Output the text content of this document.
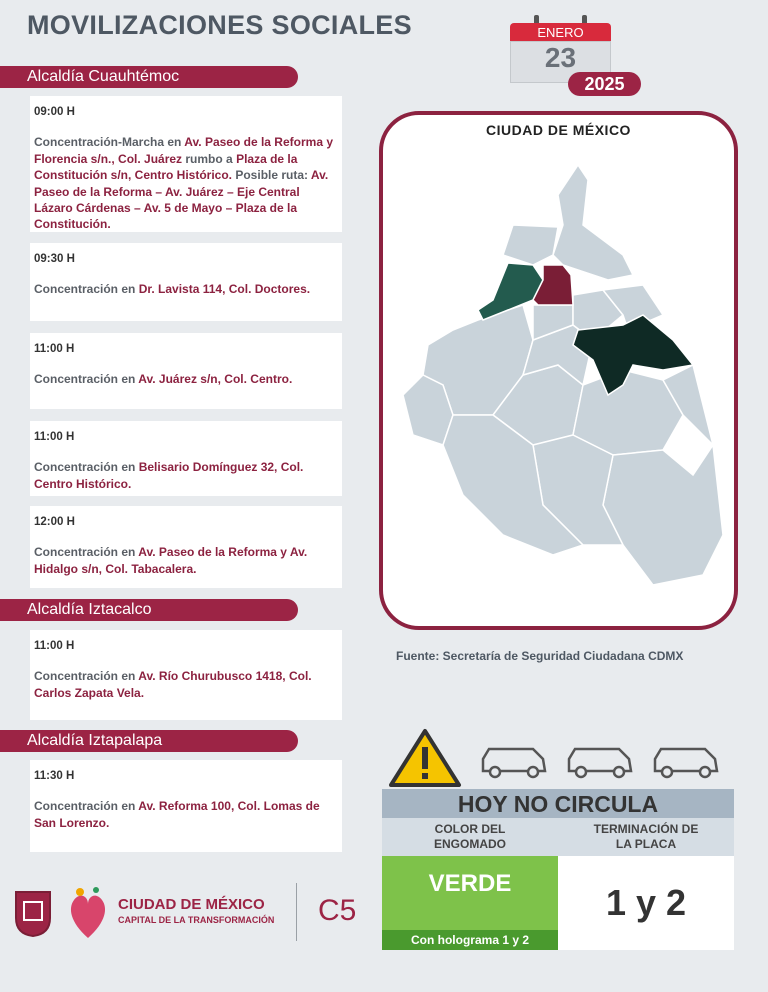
MOVILIZACIONES SOCIALES	ENERO
23
2025
Alcaldía Cuauhtémoc
09:00 H
Concentración-Marcha en Av. Paseo de la Reforma y Florencia s/n., Col. Juárez rumbo a Plaza de la Constitución s/n, Centro Histórico. Posible ruta: Av. Paseo de la Reforma – Av. Juárez – Eje Central Lázaro Cárdenas – Av. 5 de Mayo – Plaza de la Constitución.
09:30 H
Concentración en Dr. Lavista 114, Col. Doctores.
11:00 H
Concentración en Av. Juárez s/n, Col. Centro.
11:00 H
Concentración en Belisario Domínguez 32, Col. Centro Histórico.
12:00 H
Concentración en Av. Paseo de la Reforma y Av. Hidalgo s/n, Col. Tabacalera.
Alcaldía Iztacalco
11:00 H
Concentración en Av. Río Churubusco 1418, Col. Carlos Zapata Vela.
Alcaldía Iztapalapa
11:30 H
Concentración en Av. Reforma 100, Col. Lomas de San Lorenzo.
CIUDAD DE MÉXICO
Fuente: Secretaría de Seguridad Ciudadana CDMX
HOY NO CIRCULA
COLOR DEL ENGOMADO
TERMINACIÓN DE LA PLACA
VERDE
Con holograma 1 y 2
1 y 2
CIUDAD DE MÉXICO
CAPITAL DE LA TRANSFORMACIÓN C5
